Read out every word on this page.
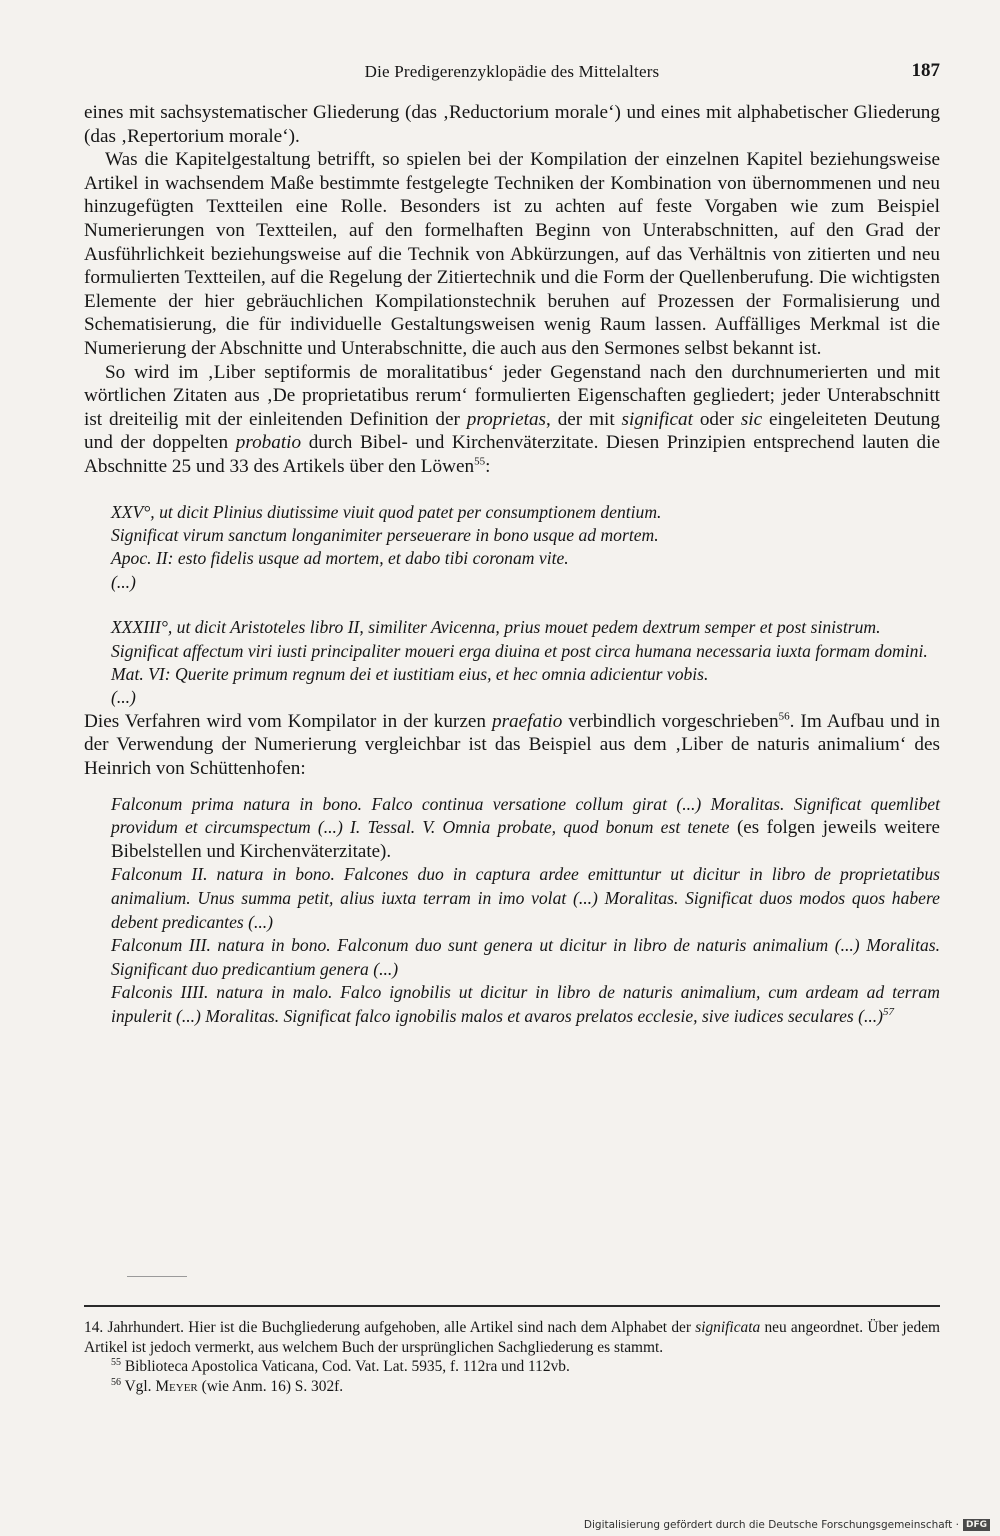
Die Predigerenzyklopädie des Mittelalters	187

eines mit sachsystematischer Gliederung (das ‚Reductorium morale‘) und eines mit alphabetischer Gliederung (das ‚Repertorium morale‘).

Was die Kapitelgestaltung betrifft, so spielen bei der Kompilation der einzelnen Kapitel beziehungsweise Artikel in wachsendem Maße bestimmte festgelegte Techniken der Kombination von übernommenen und neu hinzugefügten Textteilen eine Rolle. Besonders ist zu achten auf feste Vorgaben wie zum Beispiel Numerierungen von Textteilen, auf den formelhaften Beginn von Unterabschnitten, auf den Grad der Ausführlichkeit beziehungsweise auf die Technik von Abkürzungen, auf das Verhältnis von zitierten und neu formulierten Textteilen, auf die Regelung der Zitiertechnik und die Form der Quellenberufung. Die wichtigsten Elemente der hier gebräuchlichen Kompilationstechnik beruhen auf Prozessen der Formalisierung und Schematisierung, die für individuelle Gestaltungsweisen wenig Raum lassen. Auffälliges Merkmal ist die Numerierung der Abschnitte und Unterabschnitte, die auch aus den Sermones selbst bekannt ist.

So wird im ‚Liber septiformis de moralitatibus‘ jeder Gegenstand nach den durchnumerierten und mit wörtlichen Zitaten aus ‚De proprietatibus rerum‘ formulierten Eigenschaften gegliedert; jeder Unterabschnitt ist dreiteilig mit der einleitenden Definition der proprietas, der mit significat oder sic eingeleiteten Deutung und der doppelten probatio durch Bibel- und Kirchenväterzitate. Diesen Prinzipien entsprechend lauten die Abschnitte 25 und 33 des Artikels über den Löwen$^{55}$:

XXV°, ut dicit Plinius diutissime viuit quod patet per consumptionem dentium.
Significat virum sanctum longanimiter perseuerare in bono usque ad mortem.
Apoc. II: esto fidelis usque ad mortem, et dabo tibi coronam vite.
(...)
XXXIII°, ut dicit Aristoteles libro II, similiter Avicenna, prius mouet pedem dextrum semper et post sinistrum.
Significat affectum viri iusti principaliter moueri erga diuina et post circa humana necessaria iuxta formam domini.
Mat. VI: Querite primum regnum dei et iustitiam eius, et hec omnia adicientur vobis.
(...)

Dies Verfahren wird vom Kompilator in der kurzen praefatio verbindlich vorgeschrieben$^{56}$. Im Aufbau und in der Verwendung der Numerierung vergleichbar ist das Beispiel aus dem ‚Liber de naturis animalium‘ des Heinrich von Schüttenhofen:

Falconum prima natura in bono. Falco continua versatione collum girat (...) Moralitas. Significat quemlibet providum et circumspectum (...) I. Tessal. V. Omnia probate, quod bonum est tenete (es folgen jeweils weitere Bibelstellen und Kirchenväterzitate).
Falconum II. natura in bono. Falcones duo in captura ardee emittuntur ut dicitur in libro de proprietatibus animalium. Unus summa petit, alius iuxta terram in imo volat (...) Moralitas. Significat duos modos quos habere debent predicantes (...)
Falconum III. natura in bono. Falconum duo sunt genera ut dicitur in libro de naturis animalium (...) Moralitas. Significant duo predicantium genera (...)
Falconis IIII. natura in malo. Falco ignobilis ut dicitur in libro de naturis animalium, cum ardeam ad terram inpulerit (...) Moralitas. Significat falco ignobilis malos et avaros prelatos ecclesie, sive iudices seculares (...)$^{57}$

14. Jahrhundert. Hier ist die Buchgliederung aufgehoben, alle Artikel sind nach dem Alphabet der significata neu angeordnet. Über jedem Artikel ist jedoch vermerkt, aus welchem Buch der ursprünglichen Sachgliederung es stammt.

$^{55}$ Biblioteca Apostolica Vaticana, Cod. Vat. Lat. 5935, f. 112ra und 112vb.

$^{56}$ Vgl. Meyer (wie Anm. 16) S. 302f.

Digitalisierung gefördert durch die Deutsche Forschungsgemeinschaft · DFG
